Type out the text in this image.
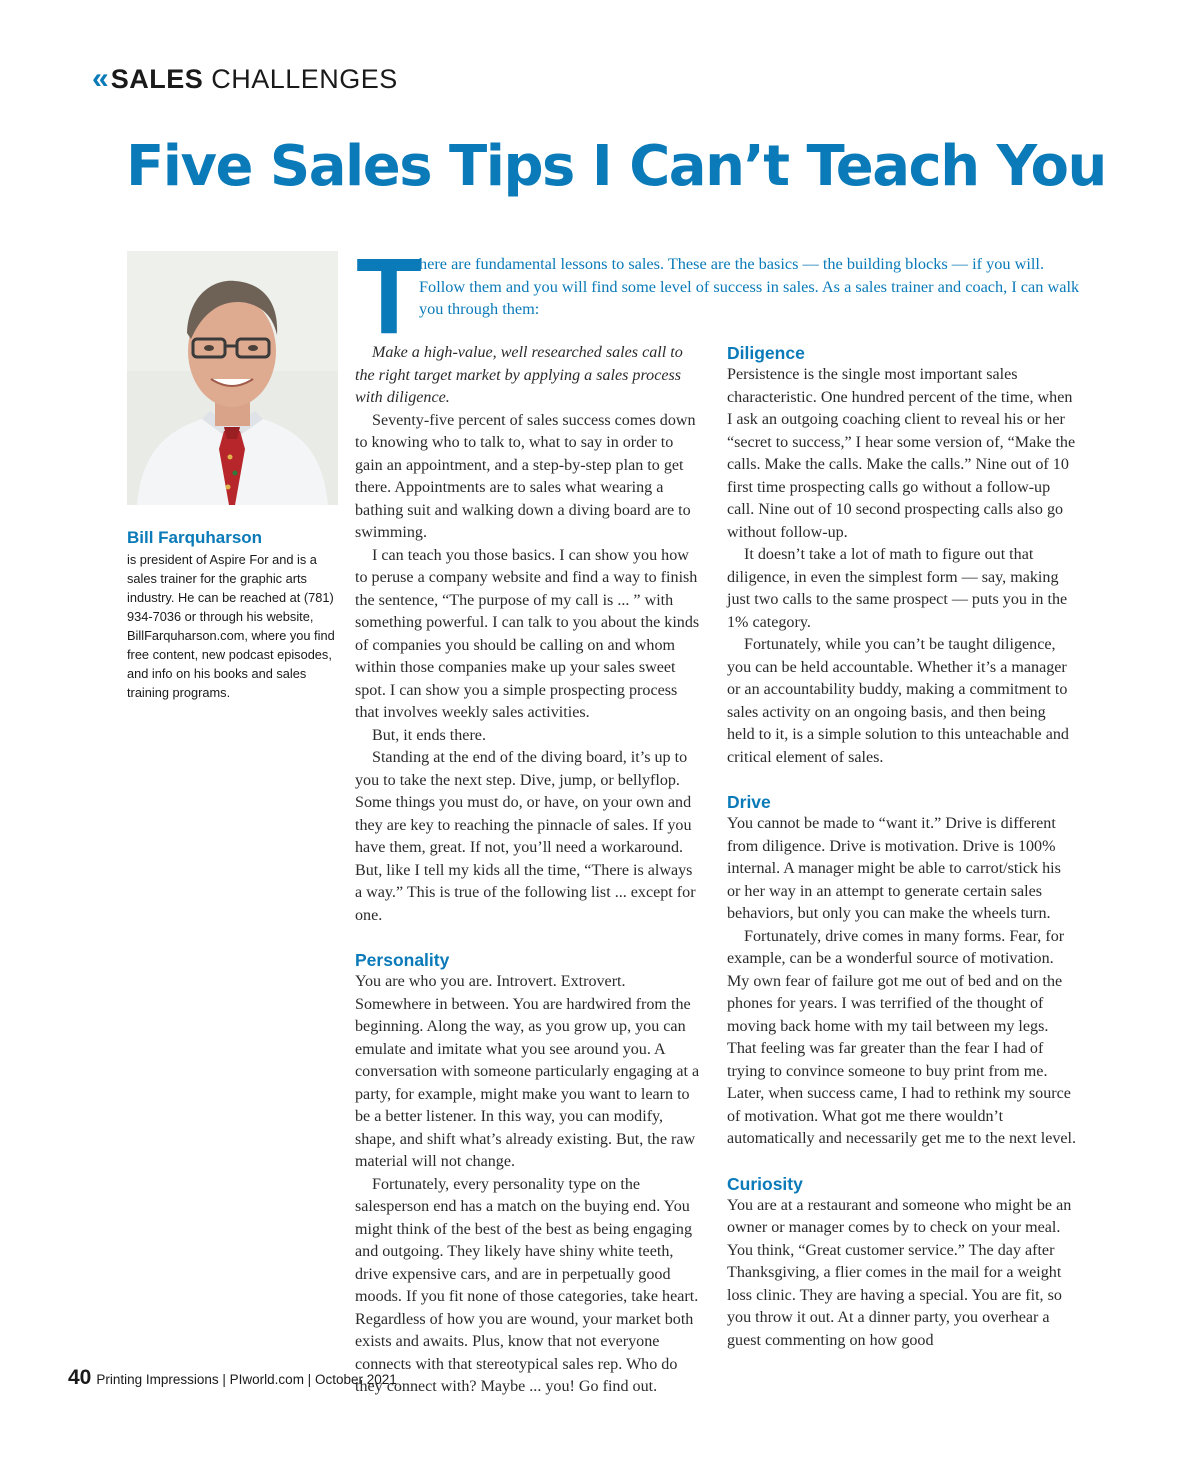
« SALES CHALLENGES
Five Sales Tips I Can’t Teach You
Bill Farquharson

is president of Aspire For and is a sales trainer for the graphic arts industry. He can be reached at (781) 934-7036 or through his website, BillFarquharson.com, where you find free content, new podcast episodes, and info on his books and sales training programs.

T

here are fundamental lessons to sales. These are the basics — the building blocks — if you will. Follow them and you will find some level of success in sales. As a sales trainer and coach, I can walk you through them:

Make a high-value, well researched sales call to the right target market by applying a sales process with diligence.

Seventy-five percent of sales success comes down to knowing who to talk to, what to say in order to gain an appointment, and a step-by-step plan to get there. Appointments are to sales what wearing a bathing suit and walking down a diving board are to swimming.

I can teach you those basics. I can show you how to peruse a company website and find a way to finish the sentence, “The purpose of my call is ... ” with something powerful. I can talk to you about the kinds of companies you should be calling on and whom within those companies make up your sales sweet spot. I can show you a simple prospecting process that involves weekly sales activities.

But, it ends there.

Standing at the end of the diving board, it’s up to you to take the next step. Dive, jump, or bellyflop. Some things you must do, or have, on your own and they are key to reaching the pinnacle of sales. If you have them, great. If not, you’ll need a workaround. But, like I tell my kids all the time, “There is always a way.” This is true of the following list ... except for one.

Personality

You are who you are. Introvert. Extrovert. Somewhere in between. You are hardwired from the beginning. Along the way, as you grow up, you can emulate and imitate what you see around you. A conversation with someone particularly engaging at a party, for example, might make you want to learn to be a better listener. In this way, you can modify, shape, and shift what’s already existing. But, the raw material will not change.

Fortunately, every personality type on the salesperson end has a match on the buying end. You might think of the best of the best as being engaging and outgoing. They likely have shiny white teeth, drive expensive cars, and are in perpetually good moods. If you fit none of those categories, take heart. Regardless of how you are wound, your market both exists and awaits. Plus, know that not everyone connects with that stereotypical sales rep. Who do they connect with? Maybe ... you! Go find out.

Diligence

Persistence is the single most important sales characteristic. One hundred percent of the time, when I ask an outgoing coaching client to reveal his or her “secret to success,” I hear some version of, “Make the calls. Make the calls. Make the calls.” Nine out of 10 first time prospecting calls go without a follow-up call. Nine out of 10 second prospecting calls also go without follow-up.

It doesn’t take a lot of math to figure out that diligence, in even the simplest form — say, making just two calls to the same prospect — puts you in the 1% category.

Fortunately, while you can’t be taught diligence, you can be held accountable. Whether it’s a manager or an accountability buddy, making a commitment to sales activity on an ongoing basis, and then being held to it, is a simple solution to this unteachable and critical element of sales.

Drive

You cannot be made to “want it.” Drive is different from diligence. Drive is motivation. Drive is 100% internal. A manager might be able to carrot/stick his or her way in an attempt to generate certain sales behaviors, but only you can make the wheels turn.

Fortunately, drive comes in many forms. Fear, for example, can be a wonderful source of motivation. My own fear of failure got me out of bed and on the phones for years. I was terrified of the thought of moving back home with my tail between my legs. That feeling was far greater than the fear I had of trying to convince someone to buy print from me. Later, when success came, I had to rethink my source of motivation. What got me there wouldn’t automatically and necessarily get me to the next level.

Curiosity

You are at a restaurant and someone who might be an owner or manager comes by to check on your meal. You think, “Great customer service.” The day after Thanksgiving, a flier comes in the mail for a weight loss clinic. They are having a special. You are fit, so you throw it out. At a dinner party, you overhear a guest commenting on how good

40 Printing Impressions | PIworld.com | October 2021
